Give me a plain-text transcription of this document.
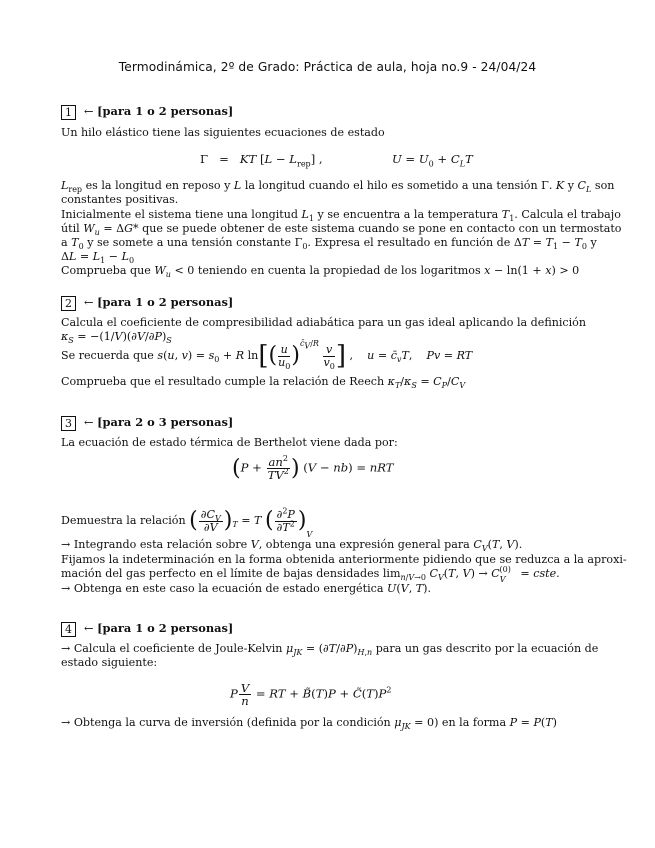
Termodinámica, 2º de Grado: Práctica de aula, hoja no.9 - 24/04/24
1 ← [para 1 o 2 personas]
Un hilo elástico tiene las siguientes ecuaciones de estado
Γ   =   KT $[L - L_{rep}]$ ,	$U = U_0 + C_LT$
$L_{rep}$ es la longitud en reposo y L la longitud cuando el hilo es sometido a una tensión Γ. K y $C_L$ son
constantes positivas.
Inicialmente el sistema tiene una longitud $L_1$ y se encuentra a la temperatura $T_1$. Calcula el trabajo
útil $W_u = \Delta G*$ que se puede obtener de este sistema cuando se pone en contacto con un termostato
a $T_0$ y se somete a una tensión constante $\Gamma_0$. Expresa el resultado en función de $\Delta T = T_1 - T_0$ y
$\Delta L = L_1 - L_0$
Comprueba que $W_u < 0$ teniendo en cuenta la propiedad de los logaritmos x − ln(1 + x) > 0
2 ← [para 1 o 2 personas]
Calcula el coeficiente de compresibilidad adiabática para un gas ideal aplicando la definición
$\kappa_S = -(1/V)(\partial V/\partial P)_S$
Se recuerda que s(u, $v) = s_0 + R$ $\ln[( \frac{u}{u_0} )^{c̄_V/R} \frac{v}{v_0}$ ] ,    $u = c̄_vT$,    Pv = RT
Comprueba que el resultado cumple la relación de Reech $\kappa_T/\kappa_S = C_P/C_V$
3 ← [para 2 o 3 personas]
La ecuación de estado térmica de Berthelot viene dada por:
($P + \frac{an^2}{TV^2}$ ) (V − nb) = nRT
Demuestra la relación ( $\frac{\partial C_V}{\partial V} )_T = T$ ( $\frac{\partial^2P}{\partial T^2} )_V$
→ Integrando esta relación sobre V, obtenga una expresión general para $C_V(T$, V).
Fijamos la indeterminación en la forma obtenida anteriormente pidiendo que se reduzca a la aproxi-
mación del gas perfecto en el límite de bajas densidades $\lim_{n/V\to 0} C_V(T$, $V) \to C_V^{(0)}$ = cste.
→ Obtenga en este caso la ecuación de estado energética U(V, T).
4 ← [para 1 o 2 personas]
→ Calcula el coeficiente de Joule-Kelvin $\mu_{JK} = (\partial T/\partial P)_{H,n}$ para un gas descrito por la ecuación de
estado siguiente:
P $\frac{V}{n}$ = RT + B̃(T)P + $C̃(T)P^2$
→ Obtenga la curva de inversión (definida por la condición $\mu_{JK} = 0$) en la forma P = P(T)
